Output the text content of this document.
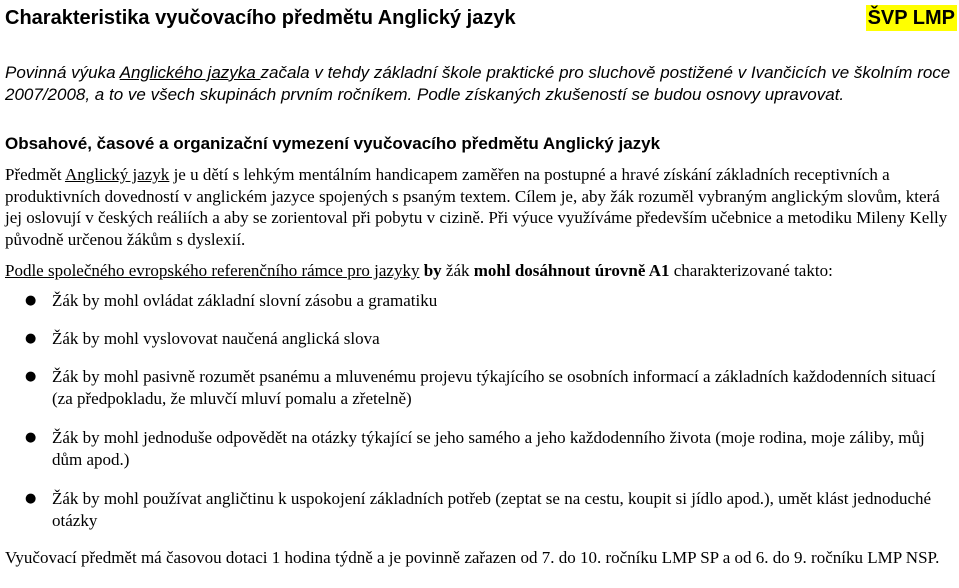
Charakteristika vyučovacího předmětu Anglický jazyk	ŠVP LMP

Povinná výuka Anglického jazyka začala v tehdy základní škole praktické pro sluchově postižené v Ivančicích ve školním roce 2007/2008, a to ve všech skupinách prvním ročníkem. Podle získaných zkušeností se budou osnovy upravovat.

Obsahové, časové a organizační vymezení vyučovacího předmětu Anglický jazyk

Předmět Anglický jazyk je u dětí s lehkým mentálním handicapem zaměřen na postupné a hravé získání základních receptivních a produktivních dovedností v anglickém jazyce spojených s psaným textem. Cílem je, aby žák rozuměl vybraným anglickým slovům, která jej oslovují v českých reáliích a aby se zorientoval při pobytu v cizině. Při výuce využíváme především učebnice a metodiku Mileny Kelly původně určenou žákům s dyslexií.

Podle společného evropského referenčního rámce pro jazyky by žák mohl dosáhnout úrovně A1 charakterizované takto:

● Žák by mohl ovládat základní slovní zásobu a gramatiku
● Žák by mohl vyslovovat naučená anglická slova
● Žák by mohl pasivně rozumět psanému a mluvenému projevu týkajícího se osobních informací a základních každodenních situací (za předpokladu, že mluvčí mluví pomalu a zřetelně)
● Žák by mohl jednoduše odpovědět na otázky týkající se jeho samého a jeho každodenního života (moje rodina, moje záliby, můj dům apod.)
● Žák by mohl používat angličtinu k uspokojení základních potřeb (zeptat se na cestu, koupit si jídlo apod.), umět klást jednoduché otázky

Vyučovací předmět má časovou dotaci 1 hodina týdně a je povinně zařazen od 7. do 10. ročníku LMP SP a od 6. do 9. ročníku LMP NSP.
